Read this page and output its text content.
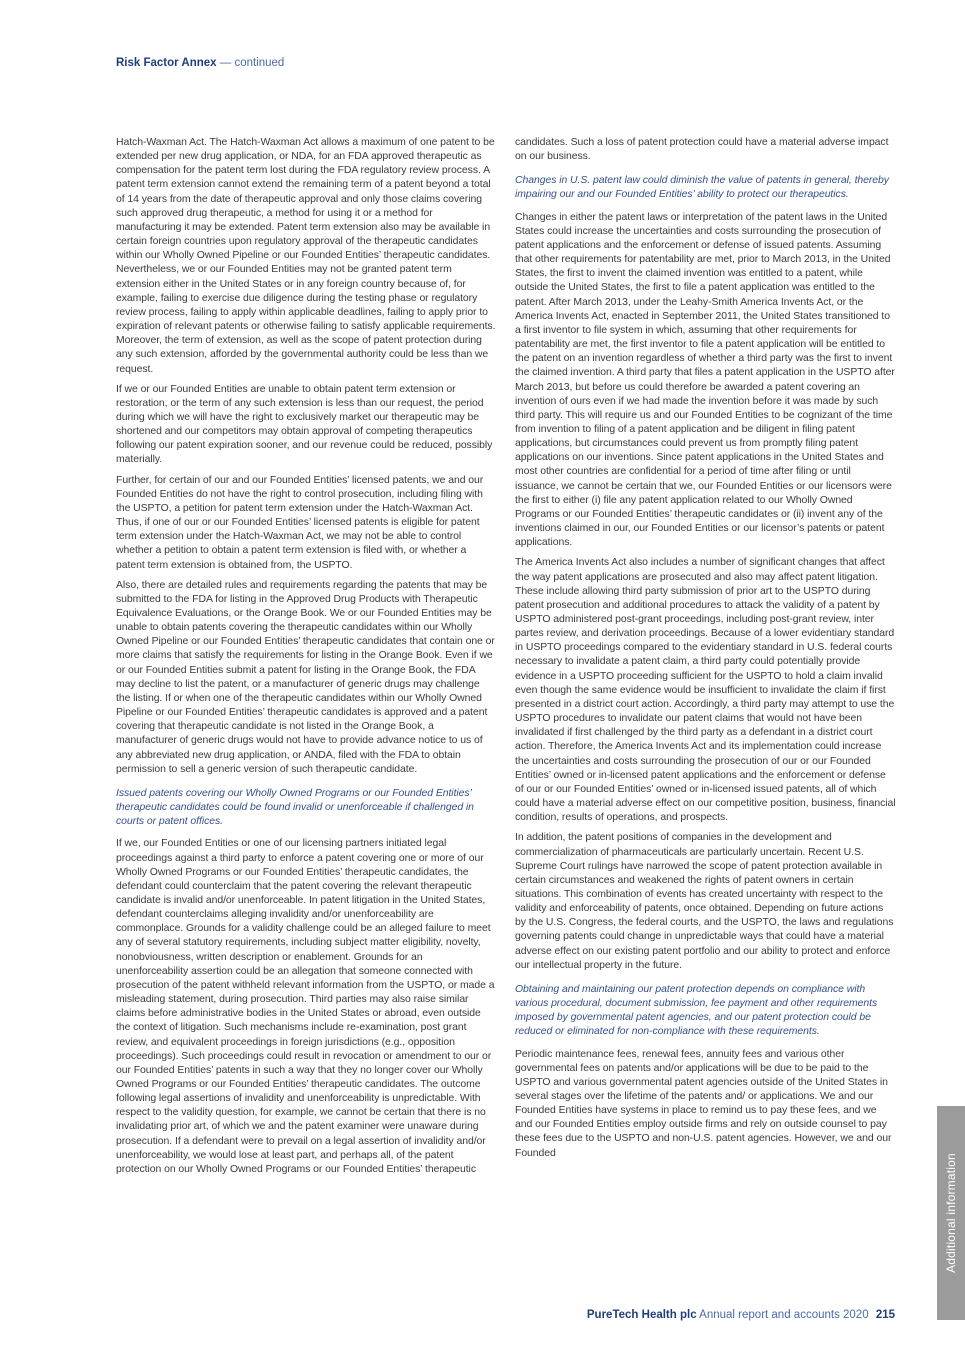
Risk Factor Annex — continued

Hatch-Waxman Act. The Hatch-Waxman Act allows a maximum of one patent to be extended per new drug application, or NDA, for an FDA approved therapeutic as compensation for the patent term lost during the FDA regulatory review process. A patent term extension cannot extend the remaining term of a patent beyond a total of 14 years from the date of therapeutic approval and only those claims covering such approved drug therapeutic, a method for using it or a method for manufacturing it may be extended. Patent term extension also may be available in certain foreign countries upon regulatory approval of the therapeutic candidates within our Wholly Owned Pipeline or our Founded Entities’ therapeutic candidates. Nevertheless, we or our Founded Entities may not be granted patent term extension either in the United States or in any foreign country because of, for example, failing to exercise due diligence during the testing phase or regulatory review process, failing to apply within applicable deadlines, failing to apply prior to expiration of relevant patents or otherwise failing to satisfy applicable requirements. Moreover, the term of extension, as well as the scope of patent protection during any such extension, afforded by the governmental authority could be less than we request.

If we or our Founded Entities are unable to obtain patent term extension or restoration, or the term of any such extension is less than our request, the period during which we will have the right to exclusively market our therapeutic may be shortened and our competitors may obtain approval of competing therapeutics following our patent expiration sooner, and our revenue could be reduced, possibly materially.

Further, for certain of our and our Founded Entities’ licensed patents, we and our Founded Entities do not have the right to control prosecution, including filing with the USPTO, a petition for patent term extension under the Hatch-Waxman Act. Thus, if one of our or our Founded Entities’ licensed patents is eligible for patent term extension under the Hatch-Waxman Act, we may not be able to control whether a petition to obtain a patent term extension is filed with, or whether a patent term extension is obtained from, the USPTO.

Also, there are detailed rules and requirements regarding the patents that may be submitted to the FDA for listing in the Approved Drug Products with Therapeutic Equivalence Evaluations, or the Orange Book. We or our Founded Entities may be unable to obtain patents covering the therapeutic candidates within our Wholly Owned Pipeline or our Founded Entities’ therapeutic candidates that contain one or more claims that satisfy the requirements for listing in the Orange Book. Even if we or our Founded Entities submit a patent for listing in the Orange Book, the FDA may decline to list the patent, or a manufacturer of generic drugs may challenge the listing. If or when one of the therapeutic candidates within our Wholly Owned Pipeline or our Founded Entities’ therapeutic candidates is approved and a patent covering that therapeutic candidate is not listed in the Orange Book, a manufacturer of generic drugs would not have to provide advance notice to us of any abbreviated new drug application, or ANDA, filed with the FDA to obtain permission to sell a generic version of such therapeutic candidate.

Issued patents covering our Wholly Owned Programs or our Founded Entities’ therapeutic candidates could be found invalid or unenforceable if challenged in courts or patent offices.

If we, our Founded Entities or one of our licensing partners initiated legal proceedings against a third party to enforce a patent covering one or more of our Wholly Owned Programs or our Founded Entities’ therapeutic candidates, the defendant could counterclaim that the patent covering the relevant therapeutic candidate is invalid and/or unenforceable. In patent litigation in the United States, defendant counterclaims alleging invalidity and/or unenforceability are commonplace. Grounds for a validity challenge could be an alleged failure to meet any of several statutory requirements, including subject matter eligibility, novelty, nonobviousness, written description or enablement. Grounds for an unenforceability assertion could be an allegation that someone connected with prosecution of the patent withheld relevant information from the USPTO, or made a misleading statement, during prosecution. Third parties may also raise similar claims before administrative bodies in the United States or abroad, even outside the context of litigation. Such mechanisms include re-examination, post grant review, and equivalent proceedings in foreign jurisdictions (e.g., opposition proceedings). Such proceedings could result in revocation or amendment to our or our Founded Entities’ patents in such a way that they no longer cover our Wholly Owned Programs or our Founded Entities’ therapeutic candidates. The outcome following legal assertions of invalidity and unenforceability is unpredictable. With respect to the validity question, for example, we cannot be certain that there is no invalidating prior art, of which we and the patent examiner were unaware during prosecution. If a defendant were to prevail on a legal assertion of invalidity and/or unenforceability, we would lose at least part, and perhaps all, of the patent protection on our Wholly Owned Programs or our Founded Entities’ therapeutic

candidates. Such a loss of patent protection could have a material adverse impact on our business.

Changes in U.S. patent law could diminish the value of patents in general, thereby impairing our and our Founded Entities’ ability to protect our therapeutics.

Changes in either the patent laws or interpretation of the patent laws in the United States could increase the uncertainties and costs surrounding the prosecution of patent applications and the enforcement or defense of issued patents. Assuming that other requirements for patentability are met, prior to March 2013, in the United States, the first to invent the claimed invention was entitled to a patent, while outside the United States, the first to file a patent application was entitled to the patent. After March 2013, under the Leahy-Smith America Invents Act, or the America Invents Act, enacted in September 2011, the United States transitioned to a first inventor to file system in which, assuming that other requirements for patentability are met, the first inventor to file a patent application will be entitled to the patent on an invention regardless of whether a third party was the first to invent the claimed invention. A third party that files a patent application in the USPTO after March 2013, but before us could therefore be awarded a patent covering an invention of ours even if we had made the invention before it was made by such third party. This will require us and our Founded Entities to be cognizant of the time from invention to filing of a patent application and be diligent in filing patent applications, but circumstances could prevent us from promptly filing patent applications on our inventions. Since patent applications in the United States and most other countries are confidential for a period of time after filing or until issuance, we cannot be certain that we, our Founded Entities or our licensors were the first to either (i) file any patent application related to our Wholly Owned Programs or our Founded Entities’ therapeutic candidates or (ii) invent any of the inventions claimed in our, our Founded Entities or our licensor’s patents or patent applications.

The America Invents Act also includes a number of significant changes that affect the way patent applications are prosecuted and also may affect patent litigation. These include allowing third party submission of prior art to the USPTO during patent prosecution and additional procedures to attack the validity of a patent by USPTO administered post-grant proceedings, including post-grant review, inter partes review, and derivation proceedings. Because of a lower evidentiary standard in USPTO proceedings compared to the evidentiary standard in U.S. federal courts necessary to invalidate a patent claim, a third party could potentially provide evidence in a USPTO proceeding sufficient for the USPTO to hold a claim invalid even though the same evidence would be insufficient to invalidate the claim if first presented in a district court action. Accordingly, a third party may attempt to use the USPTO procedures to invalidate our patent claims that would not have been invalidated if first challenged by the third party as a defendant in a district court action. Therefore, the America Invents Act and its implementation could increase the uncertainties and costs surrounding the prosecution of our or our Founded Entities’ owned or in-licensed patent applications and the enforcement or defense of our or our Founded Entities’ owned or in-licensed issued patents, all of which could have a material adverse effect on our competitive position, business, financial condition, results of operations, and prospects.

In addition, the patent positions of companies in the development and commercialization of pharmaceuticals are particularly uncertain. Recent U.S. Supreme Court rulings have narrowed the scope of patent protection available in certain circumstances and weakened the rights of patent owners in certain situations. This combination of events has created uncertainty with respect to the validity and enforceability of patents, once obtained. Depending on future actions by the U.S. Congress, the federal courts, and the USPTO, the laws and regulations governing patents could change in unpredictable ways that could have a material adverse effect on our existing patent portfolio and our ability to protect and enforce our intellectual property in the future.

Obtaining and maintaining our patent protection depends on compliance with various procedural, document submission, fee payment and other requirements imposed by governmental patent agencies, and our patent protection could be reduced or eliminated for non-compliance with these requirements.

Periodic maintenance fees, renewal fees, annuity fees and various other governmental fees on patents and/or applications will be due to be paid to the USPTO and various governmental patent agencies outside of the United States in several stages over the lifetime of the patents and/ or applications. We and our Founded Entities have systems in place to remind us to pay these fees, and we and our Founded Entities employ outside firms and rely on outside counsel to pay these fees due to the USPTO and non-U.S. patent agencies. However, we and our Founded	Additional information
PureTech Health plc Annual report and accounts 2020 215
